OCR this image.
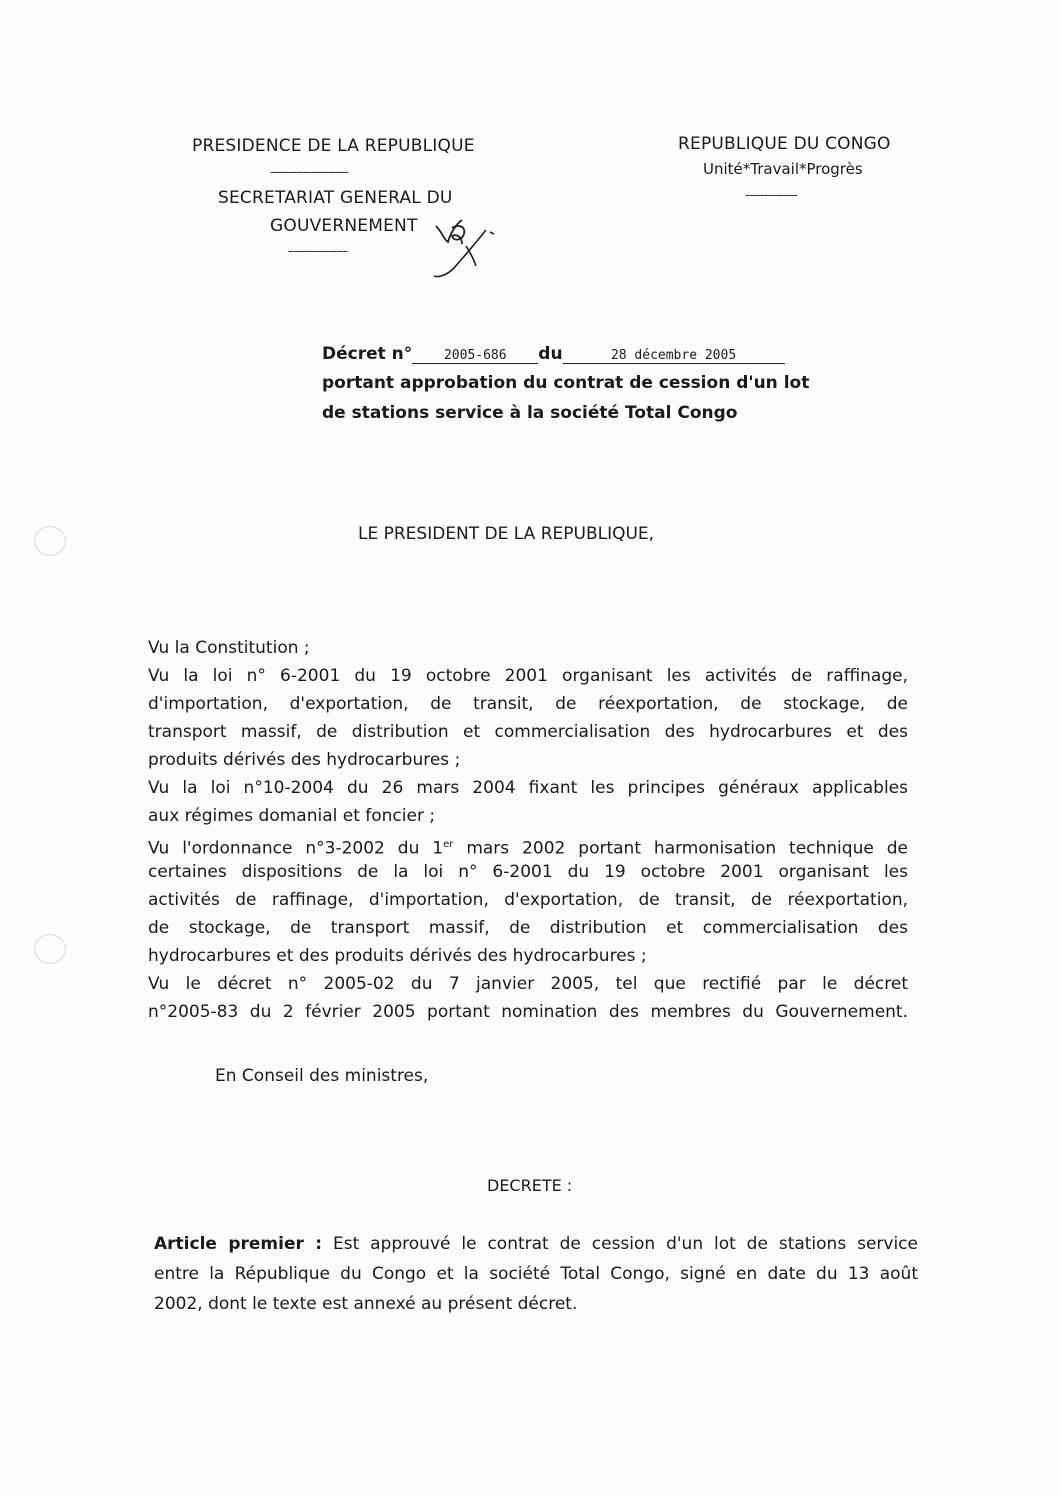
PRESIDENCE DE LA REPUBLIQUE
---------------------
SECRETARIAT GENERAL DU
GOUVERNEMENT
----------------
REPUBLIQUE DU CONGO
Unité*Travail*Progrès
--------------
Décret n° 2005-686 du	28 décembre 2005
portant approbation du contrat de cession d'un lot
de stations service à la société Total Congo
LE PRESIDENT DE LA REPUBLIQUE,
Vu la Constitution ;
Vu la loi n° 6-2001 du 19 octobre 2001 organisant les activités de raffinage,
d'importation, d'exportation, de transit, de réexportation, de stockage, de
transport massif, de distribution et commercialisation des hydrocarbures et des
produits dérivés des hydrocarbures ;
Vu la loi n°10-2004 du 26 mars 2004 fixant les principes généraux applicables
aux régimes domanial et foncier ;
Vu l'ordonnance n°3-2002 du 1er mars 2002 portant harmonisation technique de
certaines dispositions de la loi n° 6-2001 du 19 octobre 2001 organisant les
activités de raffinage, d'importation, d'exportation, de transit, de réexportation,
de stockage, de transport massif, de distribution et commercialisation des
hydrocarbures et des produits dérivés des hydrocarbures ;
Vu le décret n° 2005-02 du 7 janvier 2005, tel que rectifié par le décret
n°2005-83 du 2 février 2005 portant nomination des membres du Gouvernement.
En Conseil des ministres,
DECRETE :
Article premier : Est approuvé le contrat de cession d'un lot de stations service
entre la République du Congo et la société Total Congo, signé en date du 13 août
2002, dont le texte est annexé au présent décret.
